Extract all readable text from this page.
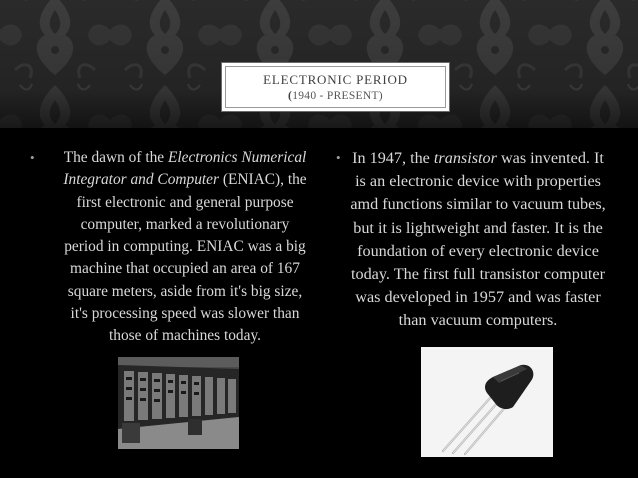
ELECTRONIC PERIOD
(1940 - PRESENT)
• The dawn of the Electronics Numerical Integrator and Computer (ENIAC), the first electronic and general purpose computer, marked a revolutionary period in computing. ENIAC was a big machine that occupied an area of 167 square meters, aside from it's big size, it's processing speed was slower than those of machines today.
• In 1947, the transistor was invented. It is an electronic device with properties amd functions similar to vacuum tubes, but it is lightweight and faster. It is the foundation of every electronic device today. The first full transistor computer was developed in 1957 and was faster than vacuum computers.
